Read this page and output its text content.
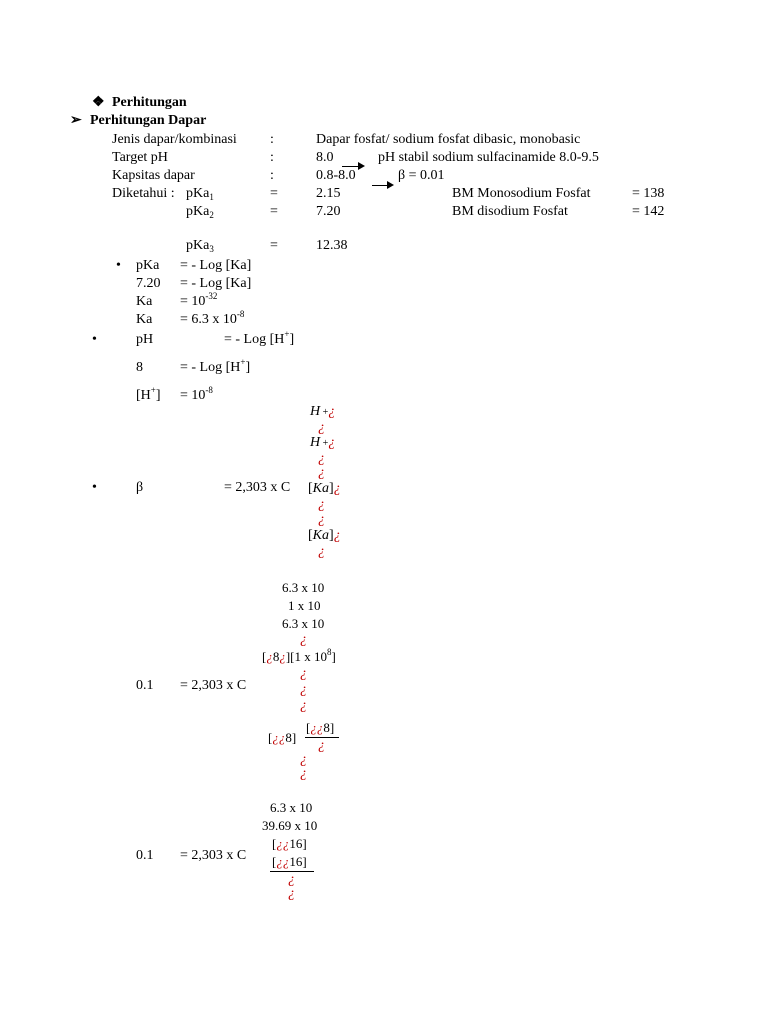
❖ Perhitungan
➢ Perhitungan Dapar
Jenis dapar/kombinasi :	Dapar fosfat/ sodium fosfat dibasic, monobasic
Target pH	:	8.0	pH stabil sodium sulfacinamide 8.0-9.5
Kapsitas dapar	:	0.8-8.0	β = 0.01
Diketahui : pKa$_1$	=	2.15	BM Monosodium Fosfat	= 138
pKa$_2$	=	7.20	BM disodium Fosfat	= 142
pKa$_3$	=	12.38
• pKa = - Log [Ka]
7.20 = - Log [Ka]
$Ka = 10^{-32}$
Ka = 6.3 x $10^{-8}$
•	pH	= - Log [H+]
8	= - Log [H+]
$[H^+] = 10^{-8}$
H +¿
¿
H +¿
¿
¿
•	β	= 2,303 x C [Ka]¿
¿
¿
[Ka]¿
¿
6.3 x 10
1 x 10
6.3 x 10
¿
[¿8¿][1 x $10^8$]
¿
0.1 = 2,303 x C	¿
¿
[¿¿8]
[¿¿8]
¿
¿
¿
6.3 x 10
39.69 x 10
[¿¿16]
0.1 = 2,303 x C [¿¿16]
¿
¿
